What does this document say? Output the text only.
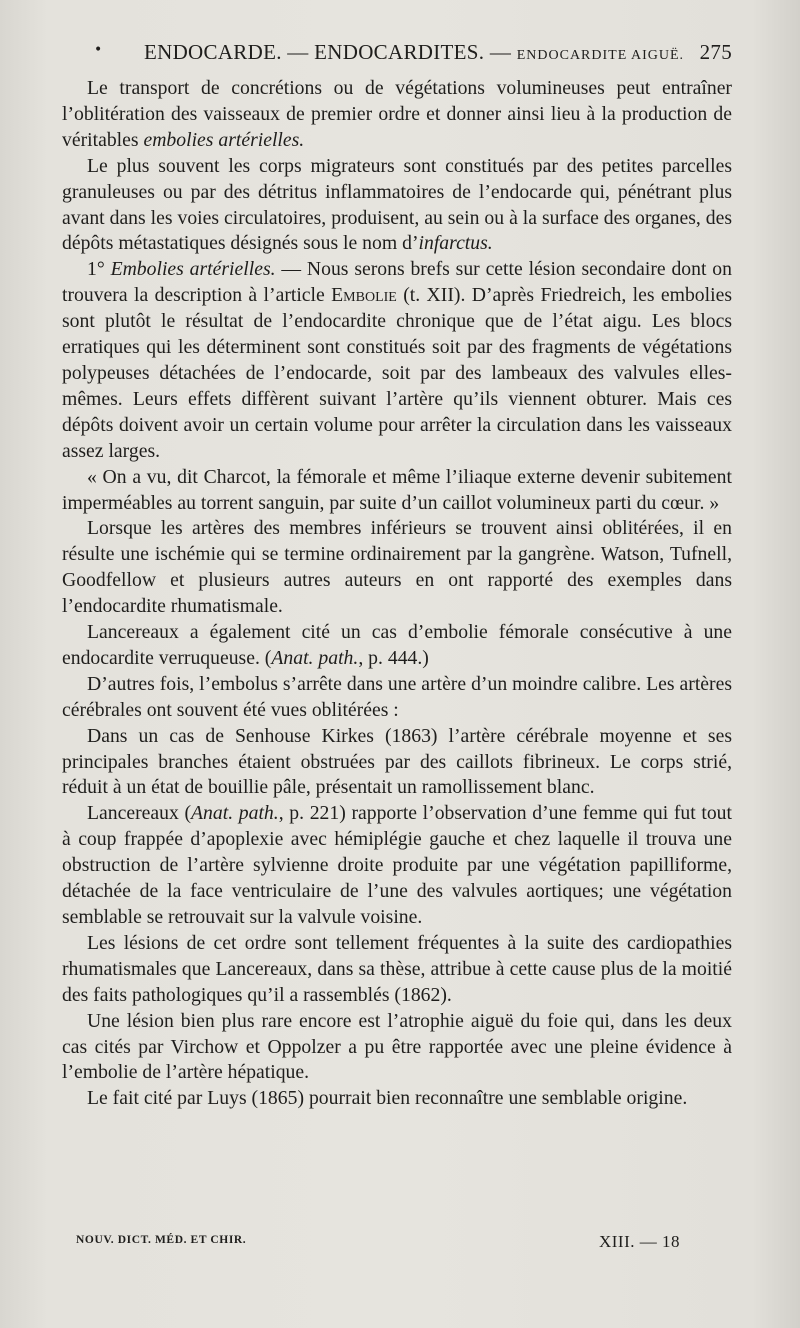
• ENDOCARDE. — ENDOCARDITES. — ENDOCARDITE AIGUË. 275

Le transport de concrétions ou de végétations volumineuses peut entraîner l’oblitération des vaisseaux de premier ordre et donner ainsi lieu à la production de véritables embolies artérielles.

Le plus souvent les corps migrateurs sont constitués par des petites parcelles granuleuses ou par des détritus inflammatoires de l’endocarde qui, pénétrant plus avant dans les voies circulatoires, produisent, au sein ou à la surface des organes, des dépôts métastatiques désignés sous le nom d’infarctus.

1° Embolies artérielles. — Nous serons brefs sur cette lésion secondaire dont on trouvera la description à l’article Embolie (t. XII). D’après Friedreich, les embolies sont plutôt le résultat de l’endocardite chronique que de l’état aigu. Les blocs erratiques qui les déterminent sont constitués soit par des fragments de végétations polypeuses détachées de l’endocarde, soit par des lambeaux des valvules elles-mêmes. Leurs effets diffèrent suivant l’artère qu’ils viennent obturer. Mais ces dépôts doivent avoir un certain volume pour arrêter la circulation dans les vaisseaux assez larges.

« On a vu, dit Charcot, la fémorale et même l’iliaque externe devenir subitement imperméables au torrent sanguin, par suite d’un caillot volumineux parti du cœur. »

Lorsque les artères des membres inférieurs se trouvent ainsi oblitérées, il en résulte une ischémie qui se termine ordinairement par la gangrène. Watson, Tufnell, Goodfellow et plusieurs autres auteurs en ont rapporté des exemples dans l’endocardite rhumatismale.

Lancereaux a également cité un cas d’embolie fémorale consécutive à une endocardite verruqueuse. (Anat. path., p. 444.)

D’autres fois, l’embolus s’arrête dans une artère d’un moindre calibre. Les artères cérébrales ont souvent été vues oblitérées :

Dans un cas de Senhouse Kirkes (1863) l’artère cérébrale moyenne et ses principales branches étaient obstruées par des caillots fibrineux. Le corps strié, réduit à un état de bouillie pâle, présentait un ramollissement blanc.

Lancereaux (Anat. path., p. 221) rapporte l’observation d’une femme qui fut tout à coup frappée d’apoplexie avec hémiplégie gauche et chez laquelle il trouva une obstruction de l’artère sylvienne droite produite par une végétation papilliforme, détachée de la face ventriculaire de l’une des valvules aortiques; une végétation semblable se retrouvait sur la valvule voisine.

Les lésions de cet ordre sont tellement fréquentes à la suite des cardiopathies rhumatismales que Lancereaux, dans sa thèse, attribue à cette cause plus de la moitié des faits pathologiques qu’il a rassemblés (1862).

Une lésion bien plus rare encore est l’atrophie aiguë du foie qui, dans les deux cas cités par Virchow et Oppolzer a pu être rapportée avec une pleine évidence à l’embolie de l’artère hépatique.

Le fait cité par Luys (1865) pourrait bien reconnaître une semblable origine.

NOUV. DICT. MÉD. ET CHIR.	XIII. — 18
